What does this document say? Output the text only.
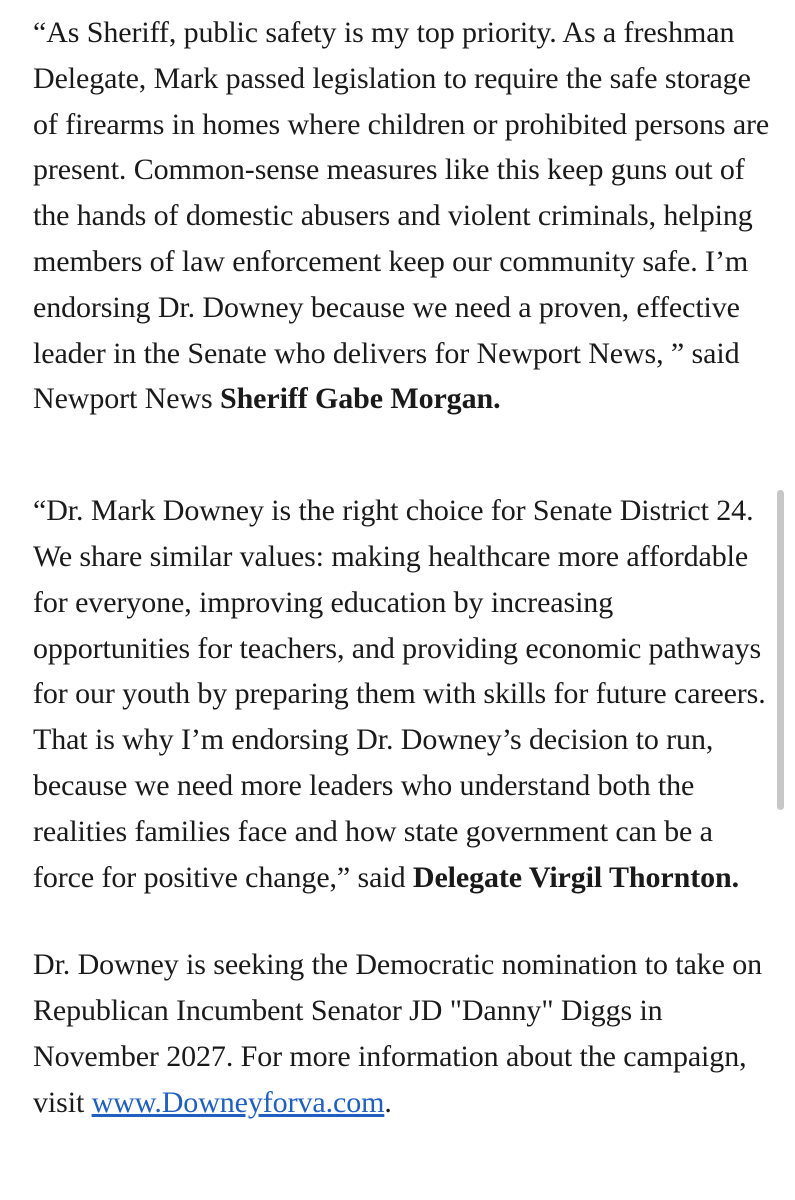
“As Sheriff, public safety is my top priority. As a freshman Delegate, Mark passed legislation to require the safe storage of firearms in homes where children or prohibited persons are present. Common-sense measures like this keep guns out of the hands of domestic abusers and violent criminals, helping members of law enforcement keep our community safe. I’m endorsing Dr. Downey because we need a proven, effective leader in the Senate who delivers for Newport News, ” said Newport News Sheriff Gabe Morgan.

“Dr. Mark Downey is the right choice for Senate District 24. We share similar values: making healthcare more affordable for everyone, improving education by increasing opportunities for teachers, and providing economic pathways for our youth by preparing them with skills for future careers. That is why I’m endorsing Dr. Downey’s decision to run, because we need more leaders who understand both the realities families face and how state government can be a force for positive change,” said Delegate Virgil Thornton.

Dr. Downey is seeking the Democratic nomination to take on Republican Incumbent Senator JD "Danny" Diggs in November 2027. For more information about the campaign, visit www.Downeyforva.com.
